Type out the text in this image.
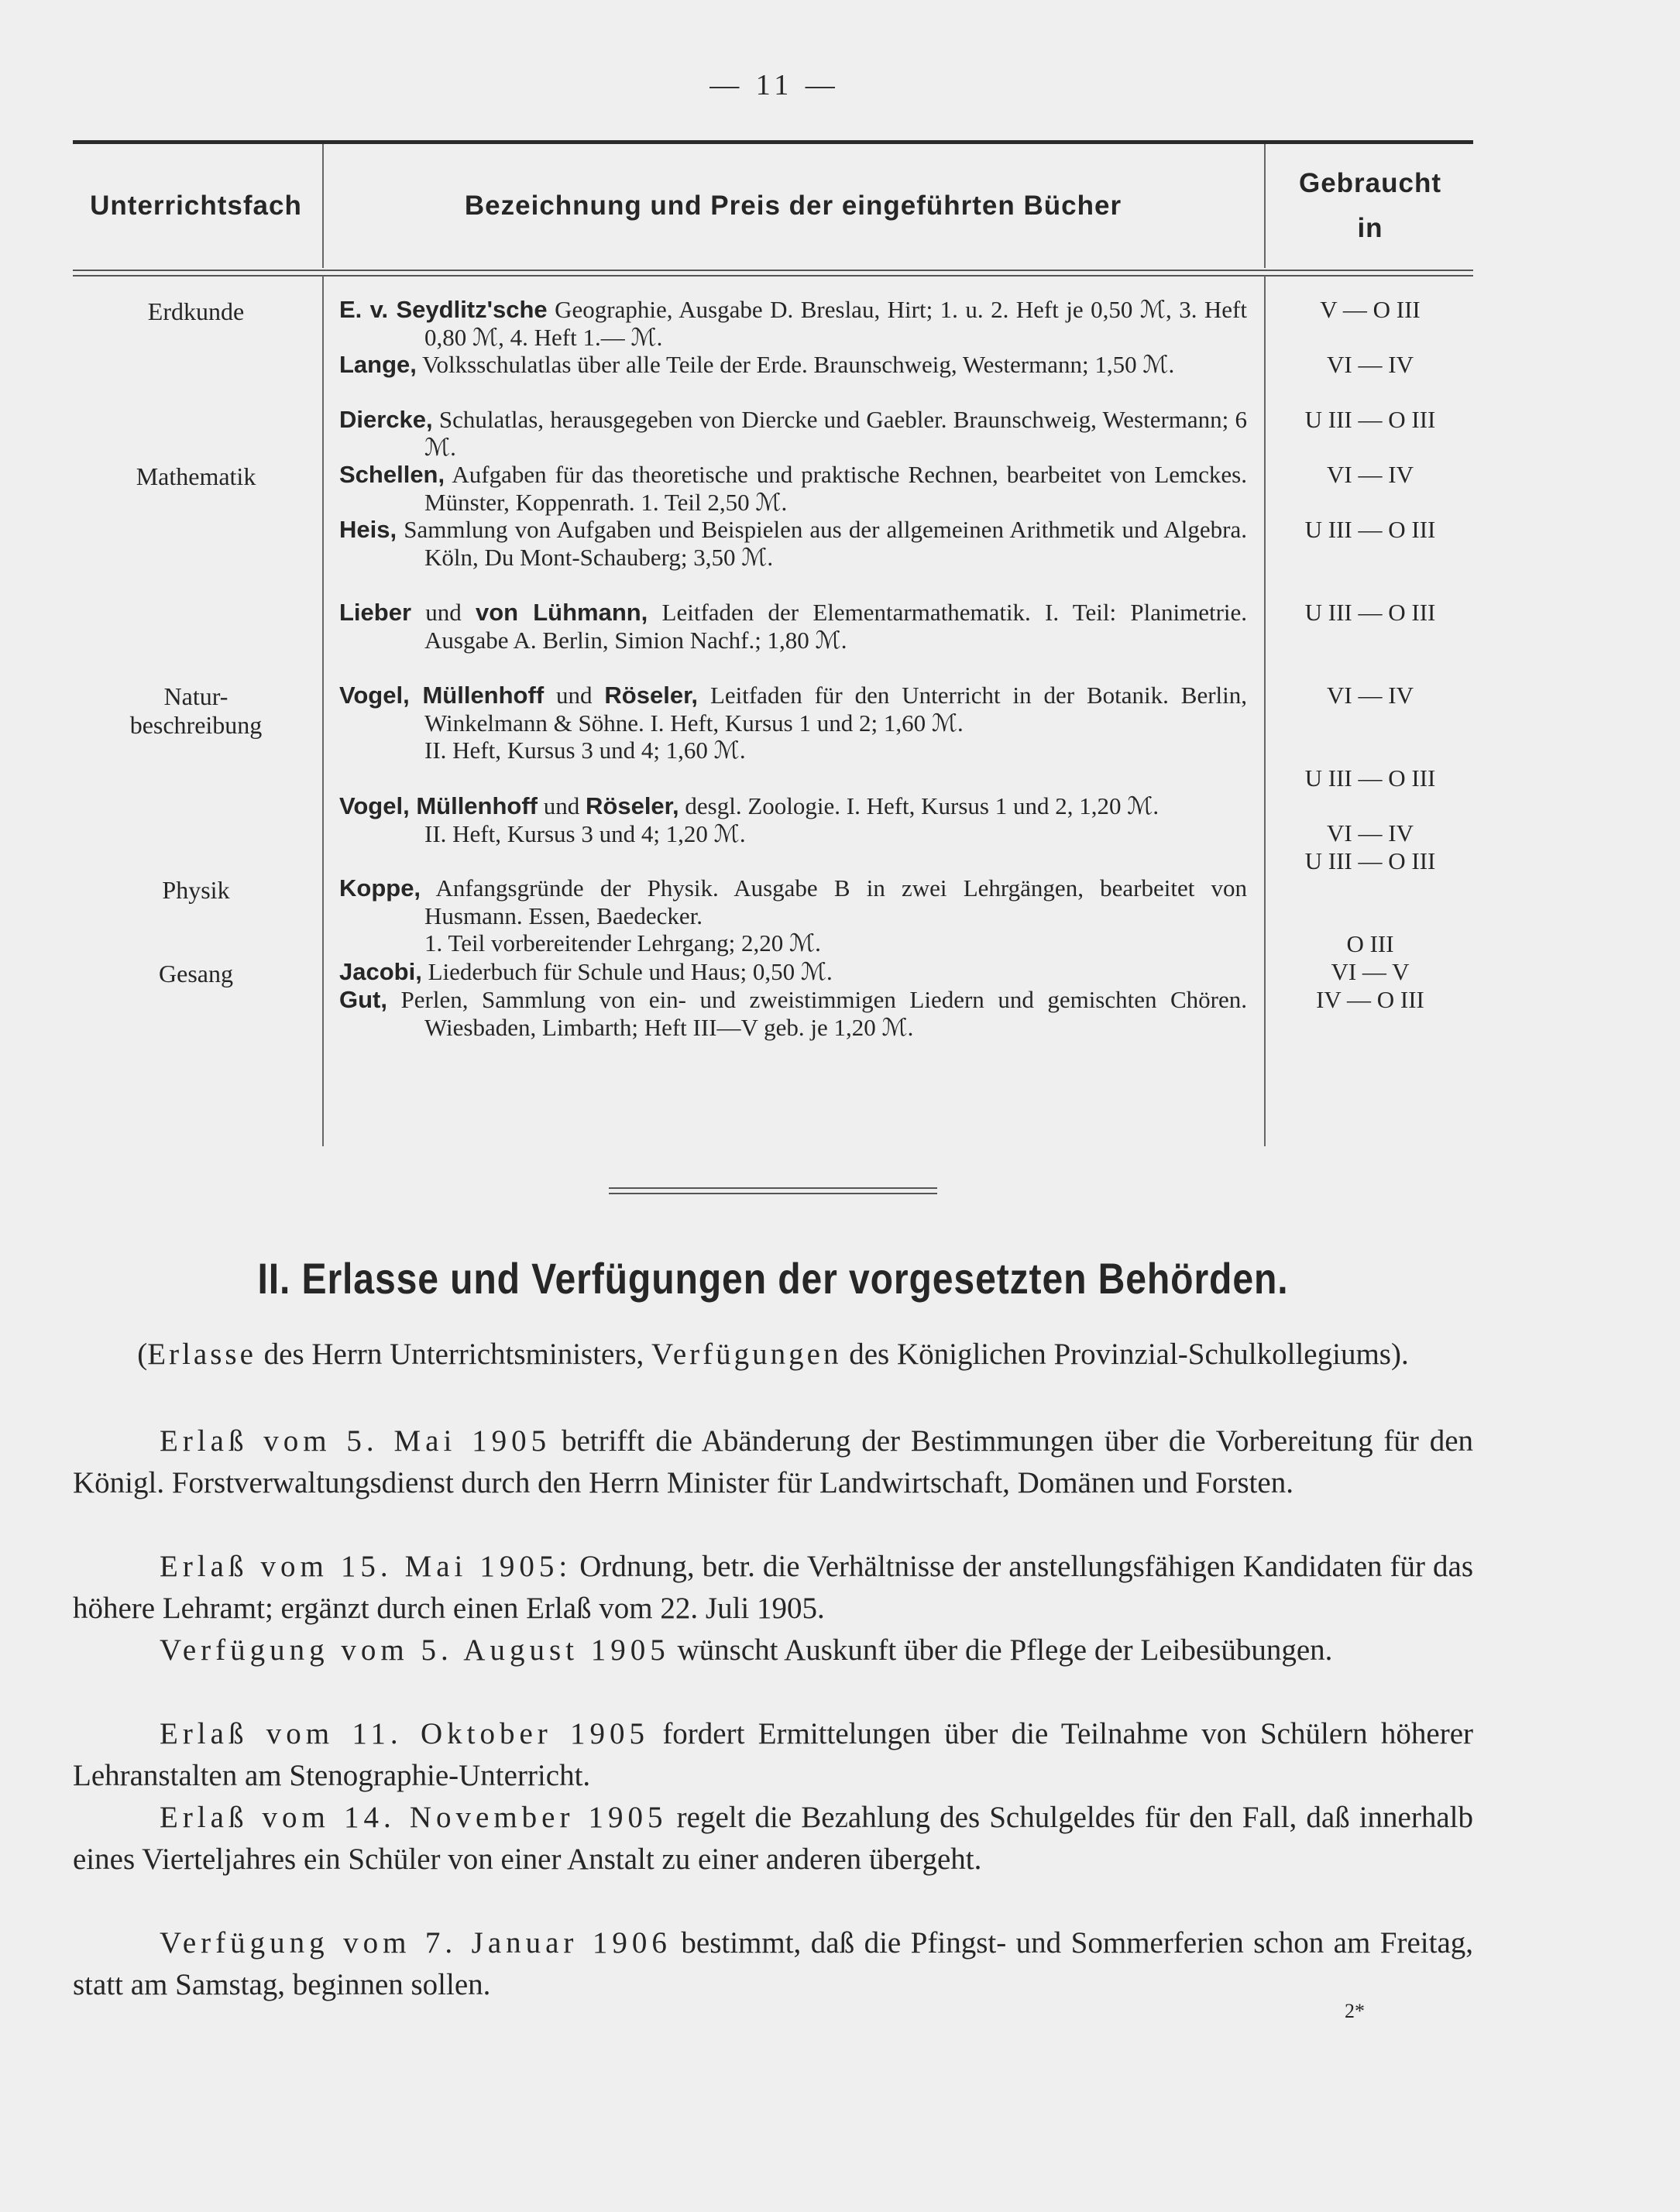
— 11 —
Unterrichtsfach	Bezeichnung und Preis der eingeführten Bücher
Gebraucht
in
Erdkunde
Mathematik
Natur-
beschreibung
Physik
Gesang
E. v. Seydlitz'sche Geographie, Ausgabe D. Breslau, Hirt; 1. u. 2. Heft je 0,50 ℳ, 3. Heft 0,80 ℳ, 4. Heft 1.— ℳ.
Lange, Volksschulatlas über alle Teile der Erde. Braunschweig, Westermann; 1,50 ℳ.
Diercke, Schulatlas, herausgegeben von Diercke und Gaebler. Braunschweig, Westermann; 6 ℳ.
Schellen, Aufgaben für das theoretische und praktische Rechnen, bearbeitet von Lemckes. Münster, Koppenrath. 1. Teil 2,50 ℳ.
Heis, Sammlung von Aufgaben und Beispielen aus der allgemeinen Arithmetik und Algebra. Köln, Du Mont-Schauberg; 3,50 ℳ.
Lieber und von Lühmann, Leitfaden der Elementarmathematik. I. Teil: Planimetrie. Ausgabe A. Berlin, Simion Nachf.; 1,80 ℳ.
Vogel, Müllenhoff und Röseler, Leitfaden für den Unterricht in der Botanik. Berlin, Winkelmann & Söhne. I. Heft, Kursus 1 und 2; 1,60 ℳ.
II. Heft, Kursus 3 und 4; 1,60 ℳ.
Vogel, Müllenhoff und Röseler, desgl. Zoologie. I. Heft, Kursus 1 und 2, 1,20 ℳ.
II. Heft, Kursus 3 und 4; 1,20 ℳ.
Koppe, Anfangsgründe der Physik. Ausgabe B in zwei Lehrgängen, bearbeitet von Husmann. Essen, Baedecker.
1. Teil vorbereitender Lehrgang; 2,20 ℳ.
Jacobi, Liederbuch für Schule und Haus; 0,50 ℳ.
Gut, Perlen, Sammlung von ein- und zweistimmigen Liedern und gemischten Chören. Wiesbaden, Limbarth; Heft III—V geb. je 1,20 ℳ.
V — O III
VI — IV
U III — O III
VI — IV
U III — O III
U III — O III
VI — IV
U III — O III
VI — IV
U III — O III
O III
VI — V
IV — O III
II. Erlasse und Verfügungen der vorgesetzten Behörden.
(Erlasse des Herrn Unterrichtsministers, Verfügungen des Königlichen Provinzial-Schulkollegiums).
Erlaß vom 5. Mai 1905 betrifft die Abänderung der Bestimmungen über die Vorbereitung für den Königl. Forstverwaltungsdienst durch den Herrn Minister für Landwirtschaft, Domänen und Forsten.
Erlaß vom 15. Mai 1905: Ordnung, betr. die Verhältnisse der anstellungsfähigen Kandidaten für das höhere Lehramt; ergänzt durch einen Erlaß vom 22. Juli 1905.
Verfügung vom 5. August 1905 wünscht Auskunft über die Pflege der Leibesübungen.
Erlaß vom 11. Oktober 1905 fordert Ermittelungen über die Teilnahme von Schülern höherer Lehranstalten am Stenographie-Unterricht.
Erlaß vom 14. November 1905 regelt die Bezahlung des Schulgeldes für den Fall, daß innerhalb eines Vierteljahres ein Schüler von einer Anstalt zu einer anderen übergeht.
Verfügung vom 7. Januar 1906 bestimmt, daß die Pfingst- und Sommerferien schon am Freitag, statt am Samstag, beginnen sollen.
2*
